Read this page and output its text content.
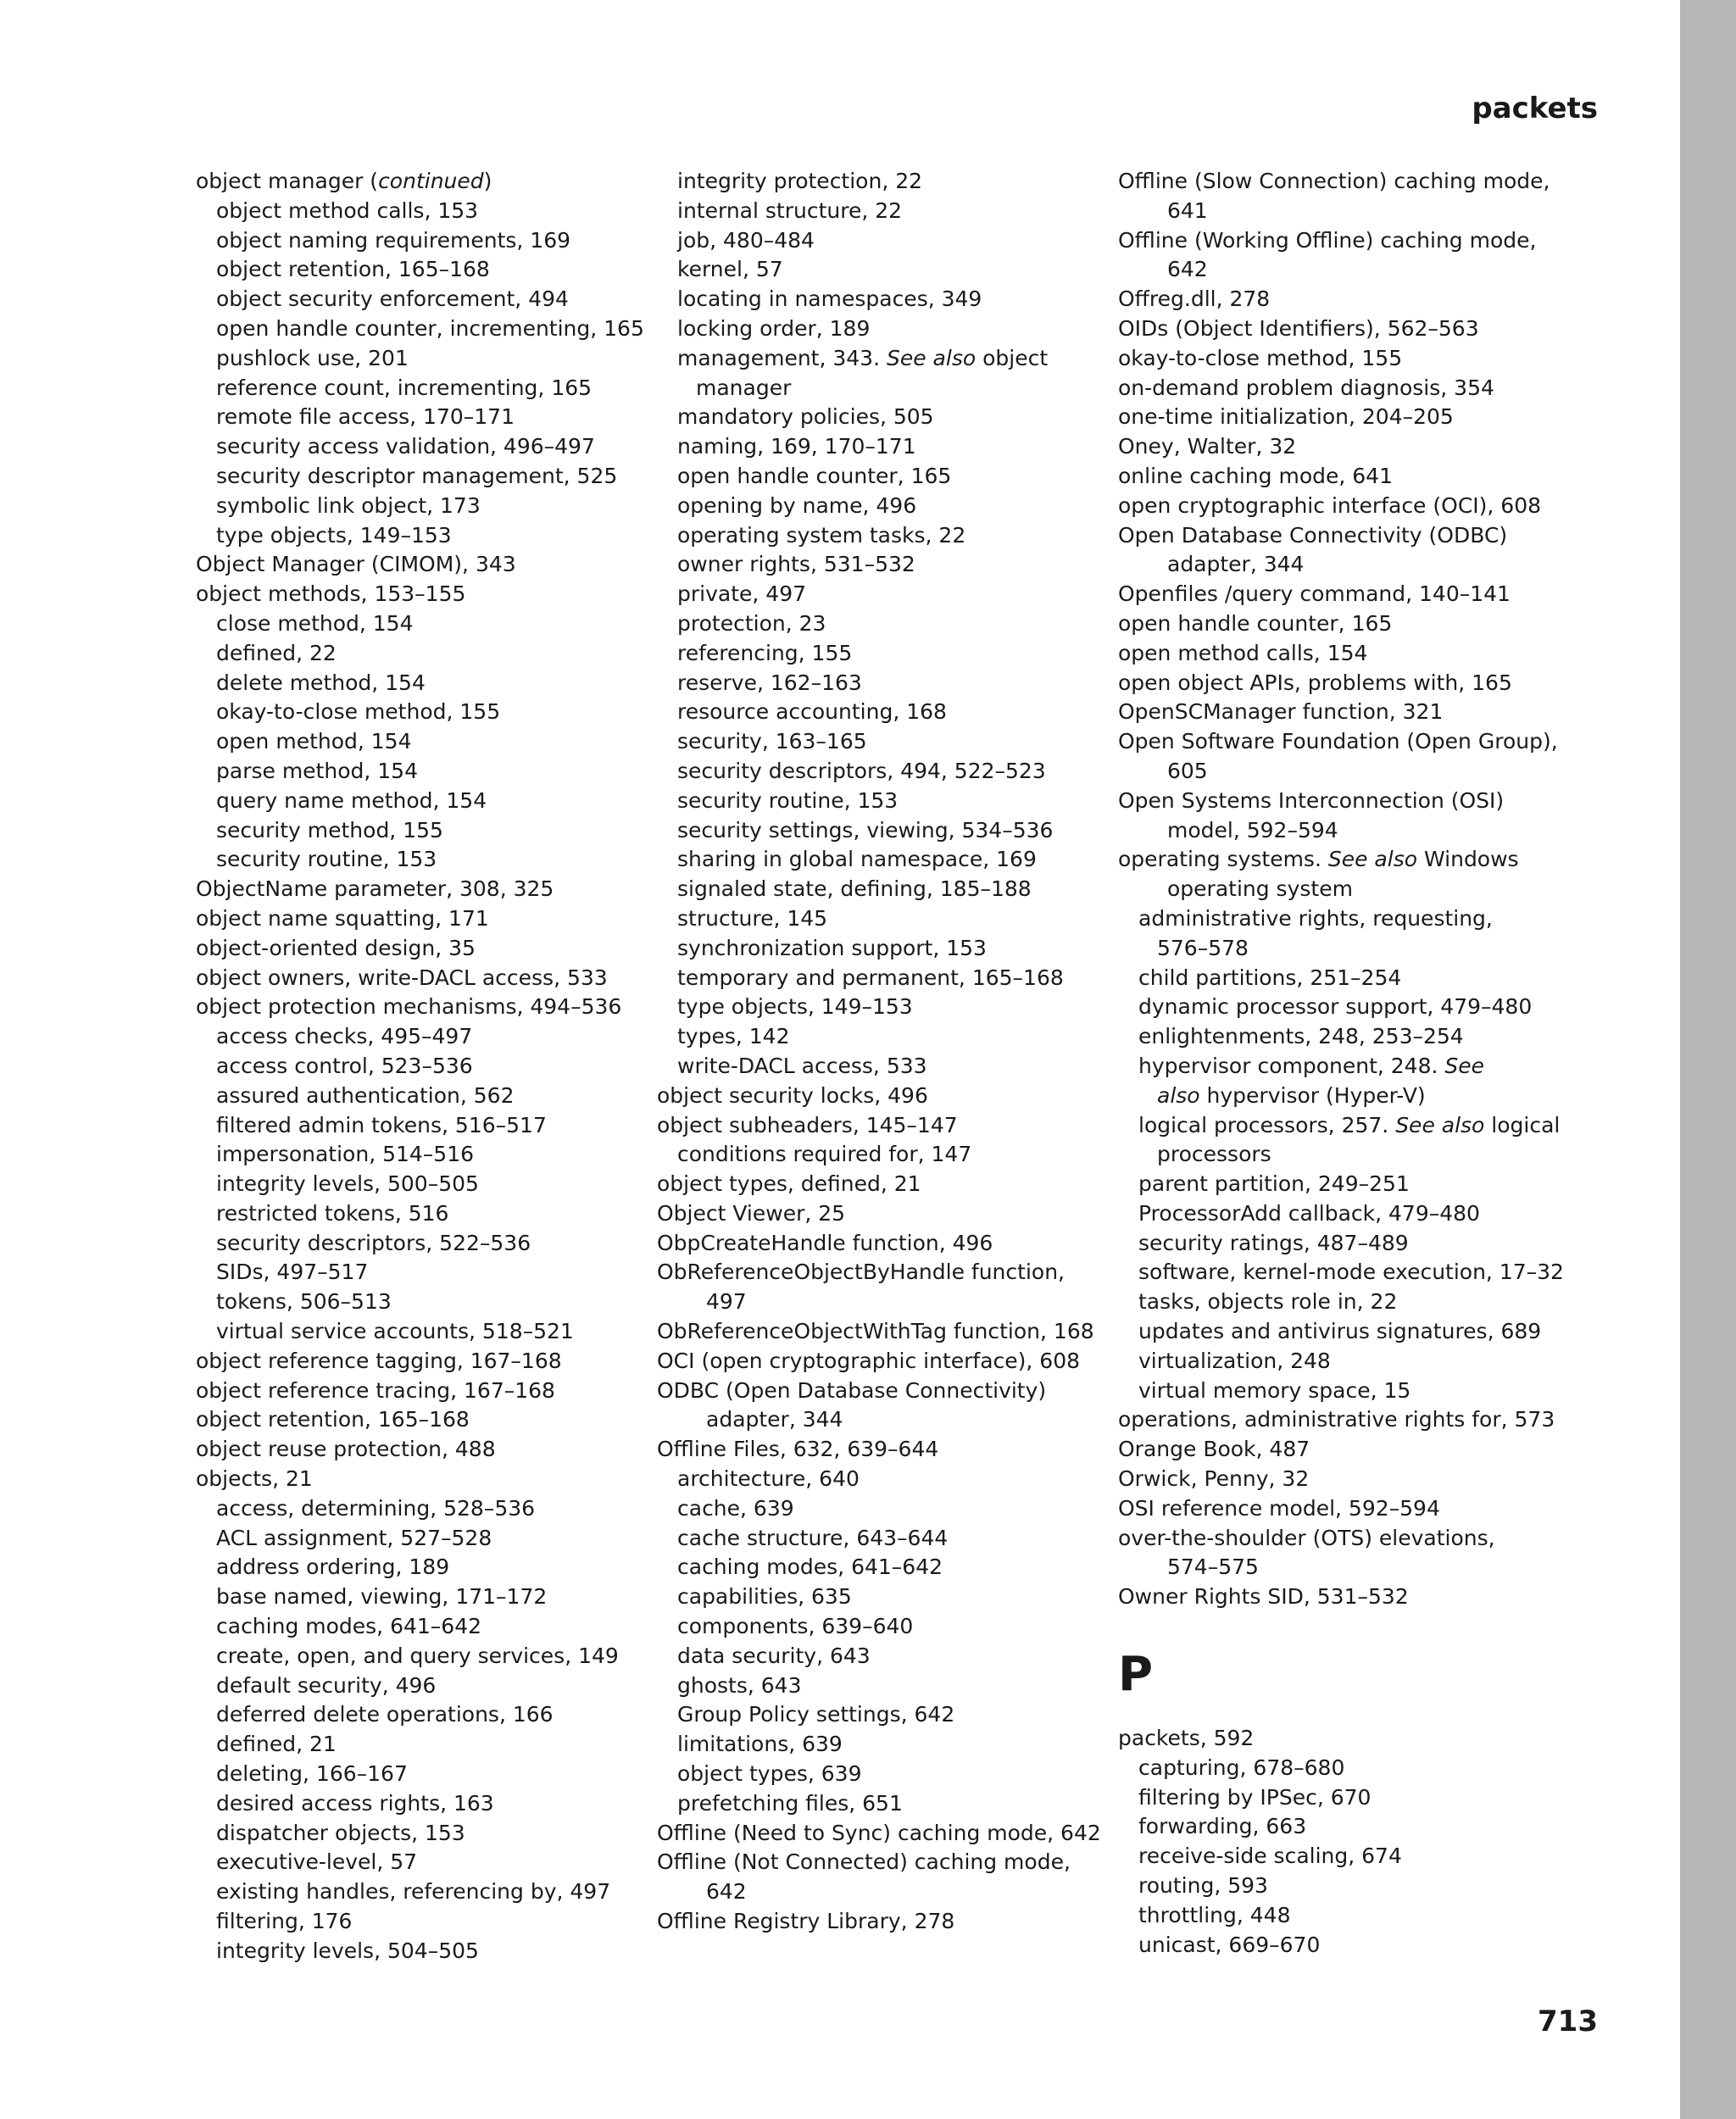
packets
object manager (continued)
object method calls, 153
object naming requirements, 169
object retention, 165–168
object security enforcement, 494
open handle counter, incrementing, 165
pushlock use, 201
reference count, incrementing, 165
remote file access, 170–171
security access validation, 496–497
security descriptor management, 525
symbolic link object, 173
type objects, 149–153
Object Manager (CIMOM), 343
object methods, 153–155
close method, 154
defined, 22
delete method, 154
okay-to-close method, 155
open method, 154
parse method, 154
query name method, 154
security method, 155
security routine, 153
ObjectName parameter, 308, 325
object name squatting, 171
object-oriented design, 35
object owners, write-DACL access, 533
object protection mechanisms, 494–536
access checks, 495–497
access control, 523–536
assured authentication, 562
filtered admin tokens, 516–517
impersonation, 514–516
integrity levels, 500–505
restricted tokens, 516
security descriptors, 522–536
SIDs, 497–517
tokens, 506–513
virtual service accounts, 518–521
object reference tagging, 167–168
object reference tracing, 167–168
object retention, 165–168
object reuse protection, 488
objects, 21
access, determining, 528–536
ACL assignment, 527–528
address ordering, 189
base named, viewing, 171–172
caching modes, 641–642
create, open, and query services, 149
default security, 496
deferred delete operations, 166
defined, 21
deleting, 166–167
desired access rights, 163
dispatcher objects, 153
executive-level, 57
existing handles, referencing by, 497
filtering, 176
integrity levels, 504–505
integrity protection, 22
internal structure, 22
job, 480–484
kernel, 57
locating in namespaces, 349
locking order, 189
management, 343. See also object
manager
mandatory policies, 505
naming, 169, 170–171
open handle counter, 165
opening by name, 496
operating system tasks, 22
owner rights, 531–532
private, 497
protection, 23
referencing, 155
reserve, 162–163
resource accounting, 168
security, 163–165
security descriptors, 494, 522–523
security routine, 153
security settings, viewing, 534–536
sharing in global namespace, 169
signaled state, defining, 185–188
structure, 145
synchronization support, 153
temporary and permanent, 165–168
type objects, 149–153
types, 142
write-DACL access, 533
object security locks, 496
object subheaders, 145–147
conditions required for, 147
object types, defined, 21
Object Viewer, 25
ObpCreateHandle function, 496
ObReferenceObjectByHandle function,
497
ObReferenceObjectWithTag function, 168
OCI (open cryptographic interface), 608
ODBC (Open Database Connectivity)
adapter, 344
Offline Files, 632, 639–644
architecture, 640
cache, 639
cache structure, 643–644
caching modes, 641–642
capabilities, 635
components, 639–640
data security, 643
ghosts, 643
Group Policy settings, 642
limitations, 639
object types, 639
prefetching files, 651
Offline (Need to Sync) caching mode, 642
Offline (Not Connected) caching mode,
642
Offline Registry Library, 278
Offline (Slow Connection) caching mode,
641
Offline (Working Offline) caching mode,
642
Offreg.dll, 278
OIDs (Object Identifiers), 562–563
okay-to-close method, 155
on-demand problem diagnosis, 354
one-time initialization, 204–205
Oney, Walter, 32
online caching mode, 641
open cryptographic interface (OCI), 608
Open Database Connectivity (ODBC)
adapter, 344
Openfiles /query command, 140–141
open handle counter, 165
open method calls, 154
open object APIs, problems with, 165
OpenSCManager function, 321
Open Software Foundation (Open Group),
605
Open Systems Interconnection (OSI)
model, 592–594
operating systems. See also Windows
operating system
administrative rights, requesting,
576–578
child partitions, 251–254
dynamic processor support, 479–480
enlightenments, 248, 253–254
hypervisor component, 248. See
also hypervisor (Hyper-V)
logical processors, 257. See also logical
processors
parent partition, 249–251
ProcessorAdd callback, 479–480
security ratings, 487–489
software, kernel-mode execution, 17–32
tasks, objects role in, 22
updates and antivirus signatures, 689
virtualization, 248
virtual memory space, 15
operations, administrative rights for, 573
Orange Book, 487
Orwick, Penny, 32
OSI reference model, 592–594
over-the-shoulder (OTS) elevations,
574–575
Owner Rights SID, 531–532
P
packets, 592
capturing, 678–680
filtering by IPSec, 670
forwarding, 663
receive-side scaling, 674
routing, 593
throttling, 448
unicast, 669–670
713
